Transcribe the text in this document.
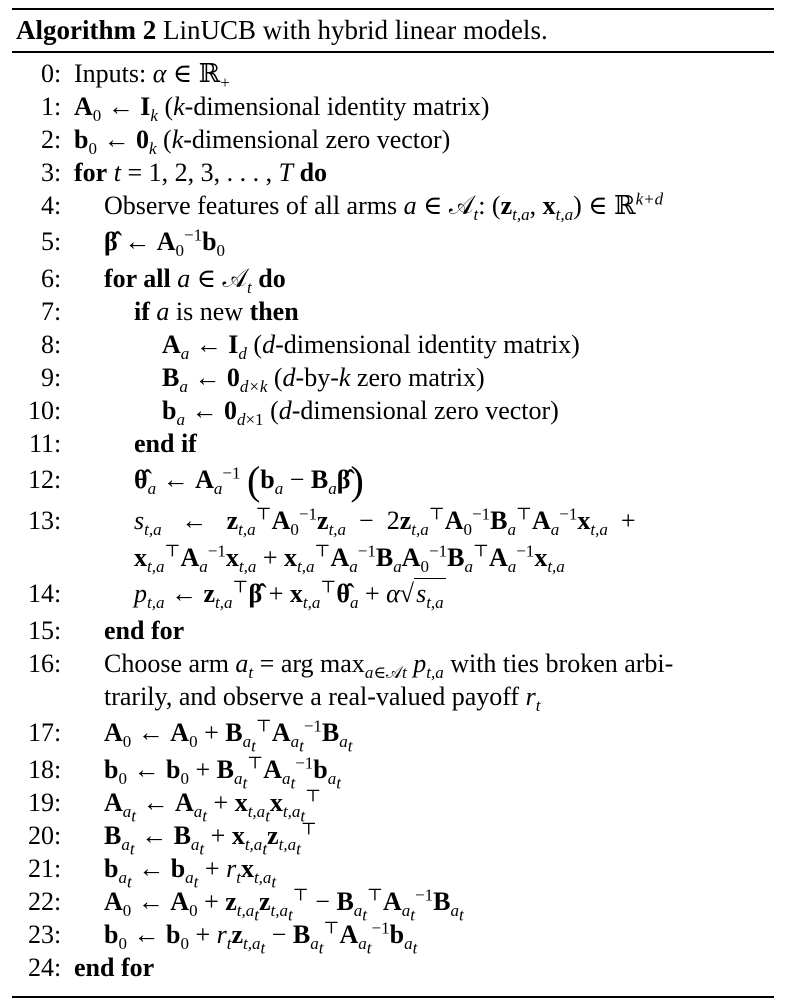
Algorithm 2 LinUCB with hybrid linear models.
0 : Inputs: α ∈ ℝ$_+$
1 : $A_0$ ← $I_k$ (k-dimensional identity matrix)
2 : $b_0$ ← $0_k$ (k-dimensional zero vector)
3 : for t = 1, 2, 3, . . . , T do
4 : Observe features of all arms a ∈ 𝒜$_t$: ($z_{t,a}$, $x_{t,a}$) ∈ ℝ$^{k+d}$
5 : β̂ ← $A_0^{-1}b_0$
6 : for all a ∈ 𝒜$_t$ do
7 :	if a is new then
8 :	$A_a$ ← $I_d$ (d-dimensional identity matrix)
9 :	$B_a$ ← $0_{d\times k}$ (d-by-k zero matrix)
10 :	$b_a$ ← $0_{d\times 1}$ (d-dimensional zero vector)
11 :	end if
12 :	$\thetâ_a$ ← $A_a^{-1}$ ($b_a$ − $B_a\betâ$)
13 :	$s_{t,a}$   ←   $z_{t,a}^⊤A_0^{-1}z_{t,a} - 2z_{t,a}^⊤A_0^{-1}B_a^⊤A_a^{-1}x_{t,a}$  +
$x_{t,a}^⊤A_a^{-1}x_{t,a} + x_{t,a}^⊤A_a^{-1}B_aA_0^{-1}B_a^⊤A_a^{-1}x_{t,a}$
14 :	$p_{t,a}$ ← $z_{t,a}^⊤\betâ$ + $x_{t,a}^⊤\thetâ_a + \alpha√s_{t,a}$
15 : end for
16 : Choose arm $a_t$ = arg $\max_{a\in 𝒜t} p_{t,a}$ with ties broken arbi-
trarily, and observe a real-valued payoff $r_t$
17 : $A_0$ ← $A_0 + B_{a_t}^⊤A_{a_t}^{-1}B_{a_t}$
18 : $b_0$ ← $b_0 + B_{a_t}^⊤A_{a_t}^{-1}b_{a_t}$
19 : $A_{a_t}$ ← $A_{a_t} + x_{t,a_t}x_{t,a_t}^⊤$
20 : $B_{a_t}$ ← $B_{a_t} + x_{t,a_t}z_{t,a_t}^⊤$
21 : $b_{a_t}$ ← $b_{a_t} + r_tx_{t,a_t}$
22 : $A_0$ ← $A_0 + z_{t,a_t}z_{t,a_t}^⊤ - B_{a_t}^⊤A_{a_t}^{-1}B_{a_t}$
23 : $b_0$ ← $b_0 + r_tz_{t,a_t} - B_{a_t}^⊤A_{a_t}^{-1}b_{a_t}$
24 : end for
